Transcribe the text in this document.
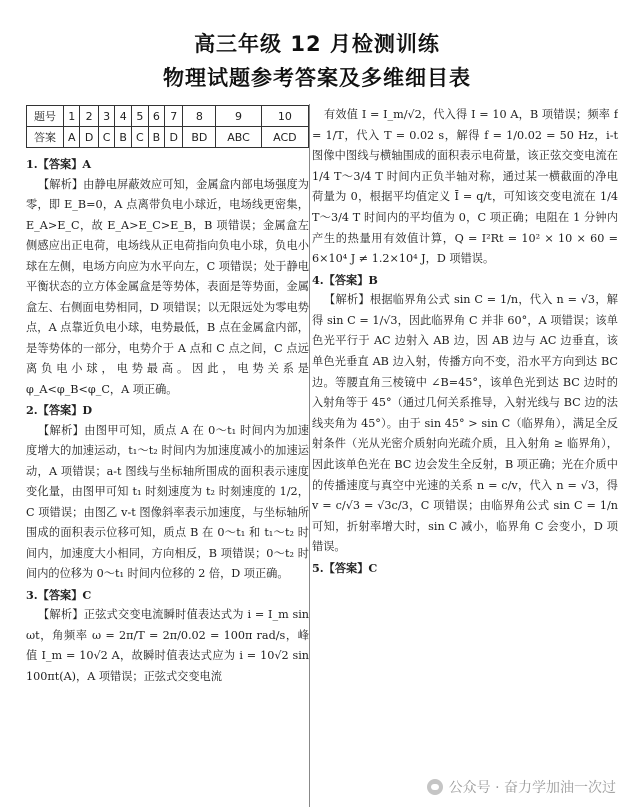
高三年级 12 月检测训练
物理试题参考答案及多维细目表
题号	1	2	3	4	5	6	7	8	9	10
答案	A	D	C	B	C	B	D	BD	ABC	ACD

1.【答案】A

【解析】由静电屏蔽效应可知，金属盒内部电场强度为零，即 E_B=0，A 点离带负电小球近，电场线更密集，E_A>E_C，故 E_A>E_C>E_B，B 项错误；金属盒左侧感应出正电荷，电场线从正电荷指向负电小球，负电小球在左侧，电场方向应为水平向左，C 项错误；处于静电平衡状态的立方体金属盒是等势体，表面是等势面，金属盒左、右侧面电势相同，D 项错误；以无限远处为零电势点，A 点靠近负电小球，电势最低，B 点在金属盒内部，是等势体的一部分，电势介于 A 点和 C 点之间，C 点远离负电小球，电势最高。因此，电势关系是 φ_A<φ_B<φ_C，A 项正确。

2.【答案】D

【解析】由图甲可知，质点 A 在 0～t₁ 时间内为加速度增大的加速运动，t₁～t₂ 时间内为加速度减小的加速运动，A 项错误；a-t 图线与坐标轴所围成的面积表示速度变化量，由图甲可知 t₁ 时刻速度为 t₂ 时刻速度的 1/2，C 项错误；由图乙 v-t 图像斜率表示加速度，与坐标轴所围成的面积表示位移可知，质点 B 在 0～t₁ 和 t₁～t₂ 时间内，加速度大小相同，方向相反，B 项错误；0～t₂ 时间内的位移为 0～t₁ 时间内位移的 2 倍，D 项正确。

3.【答案】C

【解析】正弦式交变电流瞬时值表达式为 i = I_m sin ωt，角频率 ω = 2π/T = 2π/0.02 = 100π rad/s，峰值 I_m = 10√2 A，故瞬时值表达式应为 i = 10√2 sin 100πt(A)，A 项错误；正弦式交变电流

有效值 I = I_m/√2，代入得 I = 10 A，B 项错误；频率 f = 1/T，代入 T = 0.02 s，解得 f = 1/0.02 = 50 Hz，i-t 图像中图线与横轴围成的面积表示电荷量，该正弦交变电流在 1/4 T～3/4 T 时间内正负半轴对称，通过某一横截面的净电荷量为 0，根据平均值定义 Ī = q/t，可知该交变电流在 1/4 T～3/4 T 时间内的平均值为 0，C 项正确；电阻在 1 分钟内产生的热量用有效值计算，Q = I²Rt = 10² × 10 × 60 = 6×10⁴ J ≠ 1.2×10⁴ J，D 项错误。

4.【答案】B

【解析】根据临界角公式 sin C = 1/n，代入 n = √3，解得 sin C = 1/√3，因此临界角 C 并非 60°，A 项错误；该单色光平行于 AC 边射入 AB 边，因 AB 边与 AC 边垂直，该单色光垂直 AB 边入射，传播方向不变，沿水平方向到达 BC 边。等腰直角三棱镜中 ∠B=45°，该单色光到达 BC 边时的入射角等于 45°（通过几何关系推导，入射光线与 BC 边的法线夹角为 45°）。由于 sin 45° > sin C（临界角），满足全反射条件（光从光密介质射向光疏介质，且入射角 ≥ 临界角），因此该单色光在 BC 边会发生全反射，B 项正确；光在介质中的传播速度与真空中光速的关系 n = c/v，代入 n = √3，得 v = c/√3 = √3c/3，C 项错误；由临界角公式 sin C = 1/n 可知，折射率增大时，sin C 减小，临界角 C 会变小，D 项错误。

5.【答案】C

公众号 · 奋力学加油一次过
